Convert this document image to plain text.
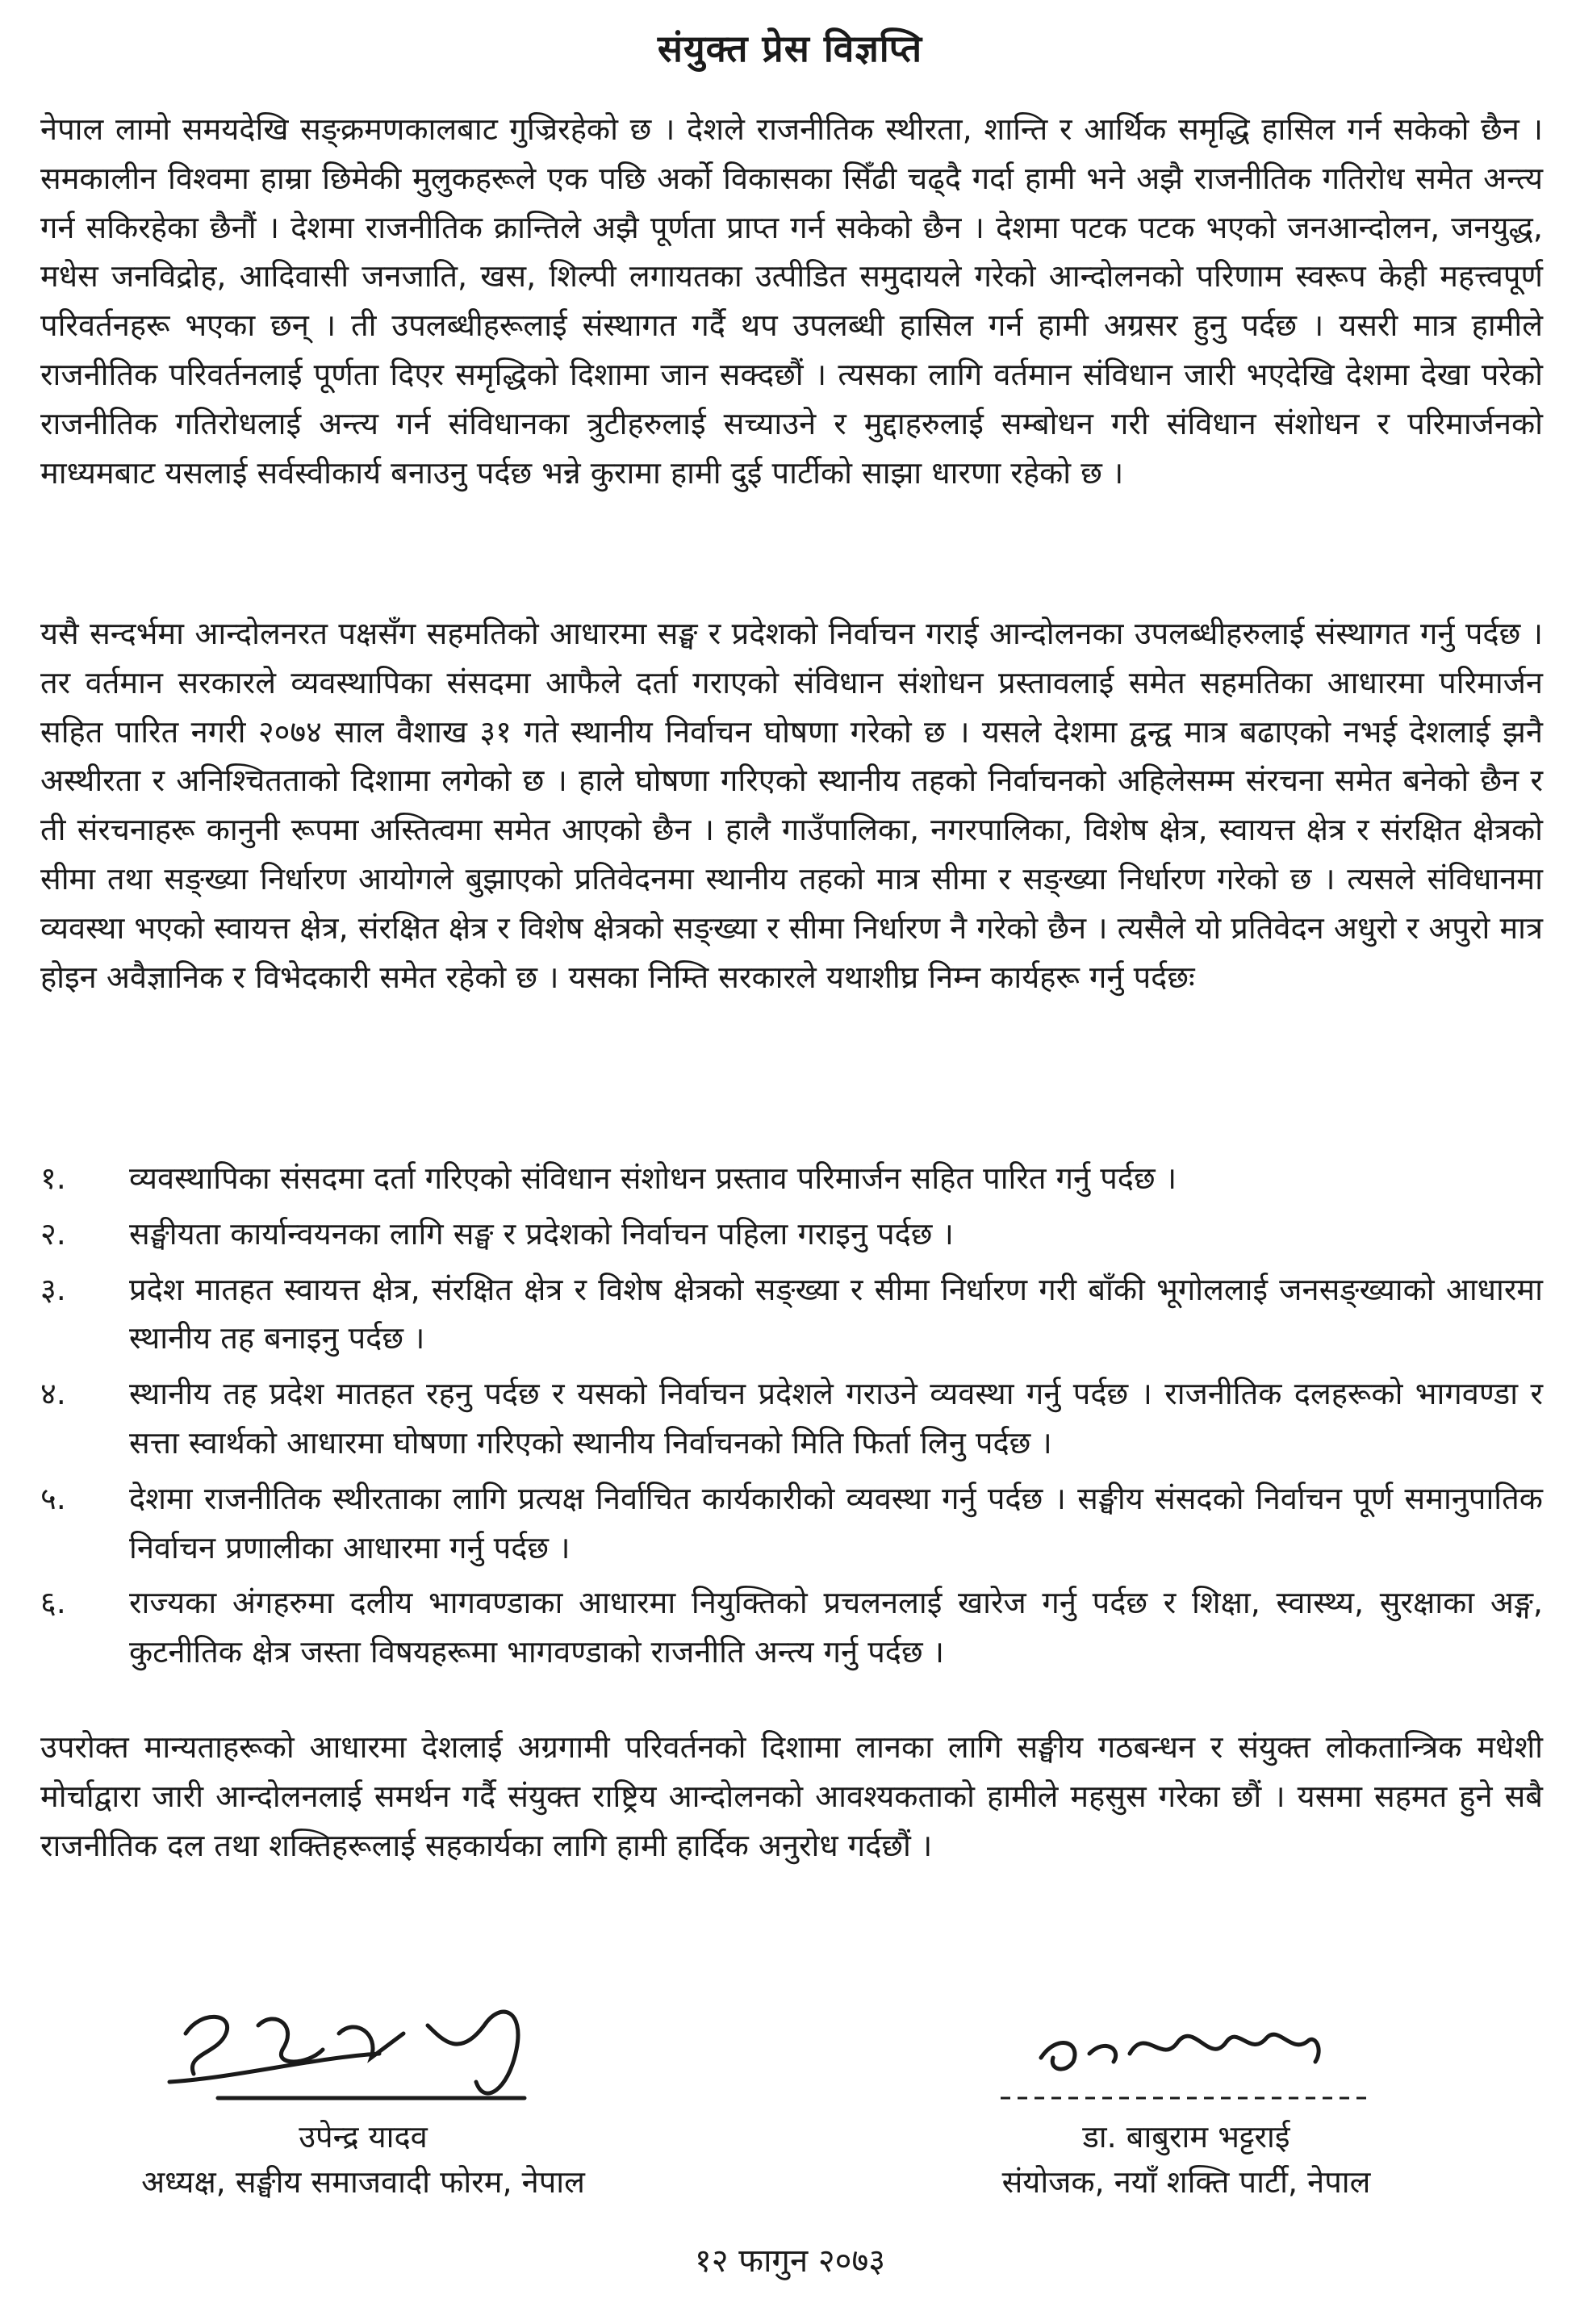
संयुक्त प्रेस विज्ञप्ति

नेपाल लामो समयदेखि सङ्क्रमणकालबाट गुज्रिरहेको छ । देशले राजनीतिक स्थीरता, शान्ति र आर्थिक समृद्धि हासिल गर्न सकेको छैन । समकालीन विश्वमा हाम्रा छिमेकी मुलुकहरूले एक पछि अर्को विकासका सिँढी चढ्दै गर्दा हामी भने अझै राजनीतिक गतिरोध समेत अन्त्य गर्न सकिरहेका छैनौं । देशमा राजनीतिक क्रान्तिले अझै पूर्णता प्राप्त गर्न सकेको छैन । देशमा पटक पटक भएको जनआन्दोलन, जनयुद्ध, मधेस जनविद्रोह, आदिवासी जनजाति, खस, शिल्पी लगायतका उत्पीडित समुदायले गरेको आन्दोलनको परिणाम स्वरूप केही महत्त्वपूर्ण परिवर्तनहरू भएका छन् । ती उपलब्धीहरूलाई संस्थागत गर्दै थप उपलब्धी हासिल गर्न हामी अग्रसर हुनु पर्दछ । यसरी मात्र हामीले राजनीतिक परिवर्तनलाई पूर्णता दिएर समृद्धिको दिशामा जान सक्दछौं । त्यसका लागि वर्तमान संविधान जारी भएदेखि देशमा देखा परेको राजनीतिक गतिरोधलाई अन्त्य गर्न संविधानका त्रुटीहरुलाई सच्याउने र मुद्दाहरुलाई सम्बोधन गरी संविधान संशोधन र परिमार्जनको माध्यमबाट यसलाई सर्वस्वीकार्य बनाउनु पर्दछ भन्ने कुरामा हामी दुई पार्टीको साझा धारणा रहेको छ ।

यसै सन्दर्भमा आन्दोलनरत पक्षसँग सहमतिको आधारमा सङ्घ र प्रदेशको निर्वाचन गराई आन्दोलनका उपलब्धीहरुलाई संस्थागत गर्नु पर्दछ । तर वर्तमान सरकारले व्यवस्थापिका संसदमा आफैले दर्ता गराएको संविधान संशोधन प्रस्तावलाई समेत सहमतिका आधारमा परिमार्जन सहित पारित नगरी २०७४ साल वैशाख ३१ गते स्थानीय निर्वाचन घोषणा गरेको छ । यसले देशमा द्वन्द्व मात्र बढाएको नभई देशलाई झनै अस्थीरता र अनिश्चितताको दिशामा लगेको छ । हाले घोषणा गरिएको स्थानीय तहको निर्वाचनको अहिलेसम्म संरचना समेत बनेको छैन र ती संरचनाहरू कानुनी रूपमा अस्तित्वमा समेत आएको छैन । हालै गाउँपालिका, नगरपालिका, विशेष क्षेत्र, स्वायत्त क्षेत्र र संरक्षित क्षेत्रको सीमा तथा सङ्ख्या निर्धारण आयोगले बुझाएको प्रतिवेदनमा स्थानीय तहको मात्र सीमा र सङ्ख्या निर्धारण गरेको छ । त्यसले संविधानमा व्यवस्था भएको स्वायत्त क्षेत्र, संरक्षित क्षेत्र र विशेष क्षेत्रको सङ्ख्या र सीमा निर्धारण नै गरेको छैन । त्यसैले यो प्रतिवेदन अधुरो र अपुरो मात्र होइन अवैज्ञानिक र विभेदकारी समेत रहेको छ । यसका निम्ति सरकारले यथाशीघ्र निम्न कार्यहरू गर्नु पर्दछः

१.	व्यवस्थापिका संसदमा दर्ता गरिएको संविधान संशोधन प्रस्ताव परिमार्जन सहित पारित गर्नु पर्दछ ।
२.	सङ्घीयता कार्यान्वयनका लागि सङ्घ र प्रदेशको निर्वाचन पहिला गराइनु पर्दछ ।
३.	प्रदेश मातहत स्वायत्त क्षेत्र, संरक्षित क्षेत्र र विशेष क्षेत्रको सङ्ख्या र सीमा निर्धारण गरी बाँकी भूगोललाई जनसङ्ख्याको आधारमा स्थानीय तह बनाइनु पर्दछ ।
४.	स्थानीय तह प्रदेश मातहत रहनु पर्दछ र यसको निर्वाचन प्रदेशले गराउने व्यवस्था गर्नु पर्दछ । राजनीतिक दलहरूको भागवण्डा र सत्ता स्वार्थको आधारमा घोषणा गरिएको स्थानीय निर्वाचनको मिति फिर्ता लिनु पर्दछ ।
५.	देशमा राजनीतिक स्थीरताका लागि प्रत्यक्ष निर्वाचित कार्यकारीको व्यवस्था गर्नु पर्दछ । सङ्घीय संसदको निर्वाचन पूर्ण समानुपातिक निर्वाचन प्रणालीका आधारमा गर्नु पर्दछ ।
६.	राज्यका अंगहरुमा दलीय भागवण्डाका आधारमा नियुक्तिको प्रचलनलाई खारेज गर्नु पर्दछ र शिक्षा, स्वास्थ्य, सुरक्षाका अङ्ग, कुटनीतिक क्षेत्र जस्ता विषयहरूमा भागवण्डाको राजनीति अन्त्य गर्नु पर्दछ ।

उपरोक्त मान्यताहरूको आधारमा देशलाई अग्रगामी परिवर्तनको दिशामा लानका लागि सङ्घीय गठबन्धन र संयुक्त लोकतान्त्रिक मधेशी मोर्चाद्वारा जारी आन्दोलनलाई समर्थन गर्दै संयुक्त राष्ट्रिय आन्दोलनको आवश्यकताको हामीले महसुस गरेका छौं । यसमा सहमत हुने सबै राजनीतिक दल तथा शक्तिहरूलाई सहकार्यका लागि हामी हार्दिक अनुरोध गर्दछौं ।

उपेन्द्र यादव
अध्यक्ष, सङ्घीय समाजवादी फोरम, नेपाल
डा. बाबुराम भट्टराई
संयोजक, नयाँ शक्ति पार्टी, नेपाल
१२ फागुन २०७३
